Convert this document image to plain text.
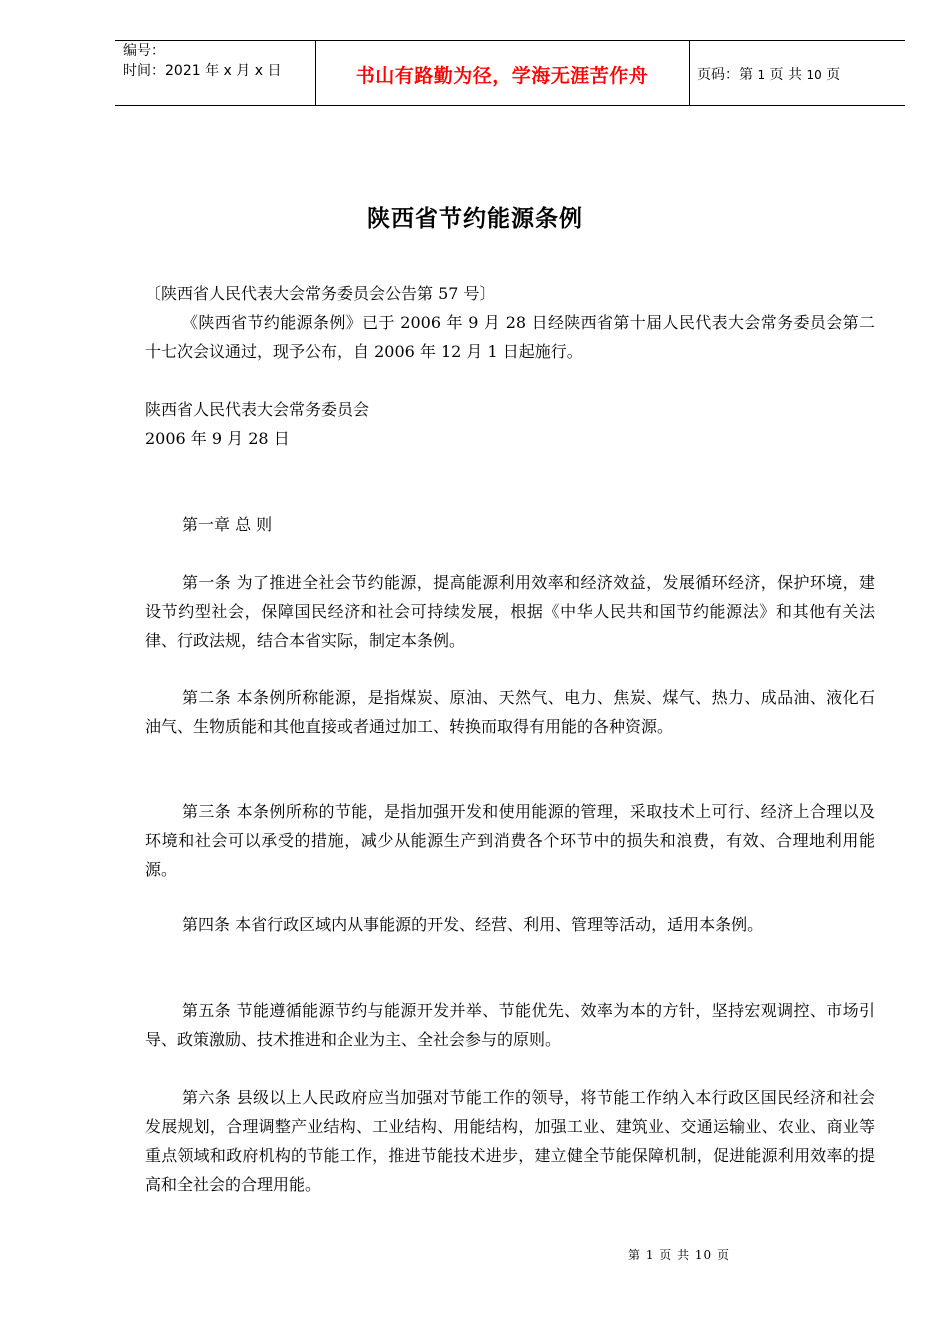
编号：
时间：2021 年 x 月 x 日	书山有路勤为径，学海无涯苦作舟	页码：第 1 页 共 10 页
陕西省节约能源条例
〔陕西省人民代表大会常务委员会公告第 57 号〕
《陕西省节约能源条例》已于 2006 年 9 月 28 日经陕西省第十届人民代表大会常务委员会第二十七次会议通过，现予公布，自 2006 年 12 月 1 日起施行。
陕西省人民代表大会常务委员会
2006 年 9 月 28 日
第一章 总 则
第一条 为了推进全社会节约能源，提高能源利用效率和经济效益，发展循环经济，保护环境，建设节约型社会，保障国民经济和社会可持续发展，根据《中华人民共和国节约能源法》和其他有关法律、行政法规，结合本省实际，制定本条例。
第二条 本条例所称能源，是指煤炭、原油、天然气、电力、焦炭、煤气、热力、成品油、液化石油气、生物质能和其他直接或者通过加工、转换而取得有用能的各种资源。
第三条 本条例所称的节能，是指加强开发和使用能源的管理，采取技术上可行、经济上合理以及环境和社会可以承受的措施，减少从能源生产到消费各个环节中的损失和浪费，有效、合理地利用能源。
第四条 本省行政区域内从事能源的开发、经营、利用、管理等活动，适用本条例。
第五条 节能遵循能源节约与能源开发并举、节能优先、效率为本的方针，坚持宏观调控、市场引导、政策激励、技术推进和企业为主、全社会参与的原则。
第六条 县级以上人民政府应当加强对节能工作的领导，将节能工作纳入本行政区国民经济和社会发展规划，合理调整产业结构、工业结构、用能结构，加强工业、建筑业、交通运输业、农业、商业等重点领域和政府机构的节能工作，推进节能技术进步，建立健全节能保障机制，促进能源利用效率的提高和全社会的合理用能。
第 1 页 共 10 页
